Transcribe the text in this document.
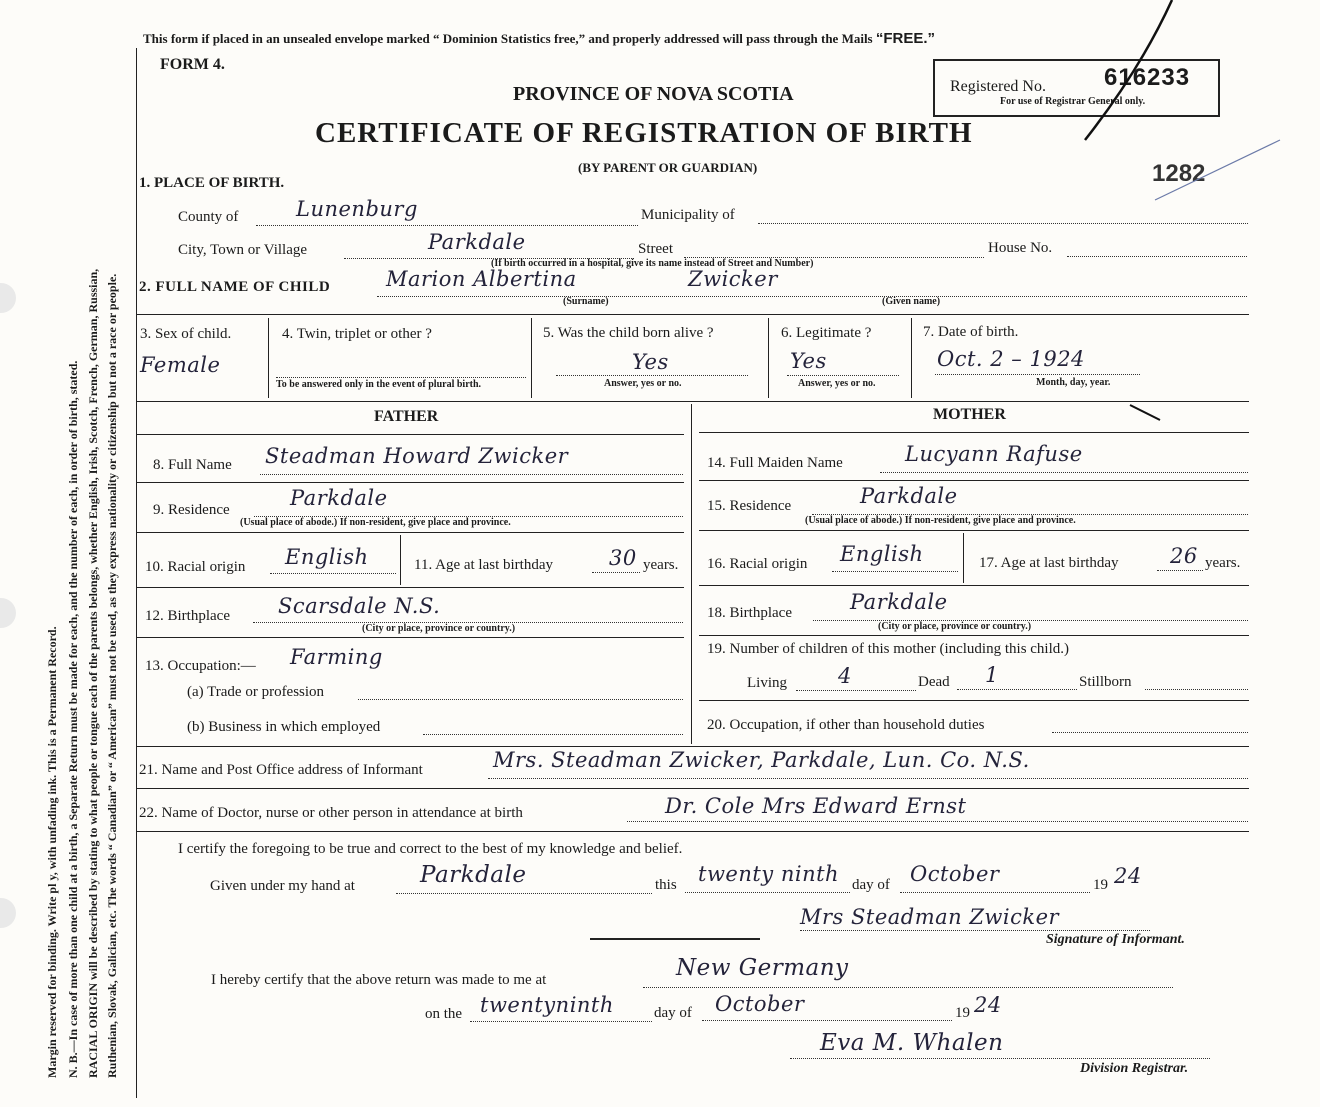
Margin reserved for binding. Write pl y, with unfading ink. This is a Permanent Record. N. B.—In case of more than one child at a birth, a Separate Return must be made for each, and the number of each, in order of birth, stated. RACIAL ORIGIN will be described by stating to what people or tongue each of the parents belongs, whether English, Irish, Scotch, French, German, Russian, Ruthenian, Slovak, Galician, etc. The words “ Canadian” or “ American” must not be used, as they express nationality or citizenship but not a race or people.
This form if placed in an unsealed envelope marked “ Dominion Statistics free,” and properly addressed will pass through the Mails “FREE.”
FORM 4.
PROVINCE OF NOVA SCOTIA
CERTIFICATE OF REGISTRATION OF BIRTH
(BY PARENT OR GUARDIAN)
Registered No. 616233
For use of Registrar General only.
1282
1. PLACE OF BIRTH.
County of	Lunenburg	Municipality of
City, Town or Village	Parkdale	Street	House No.
(If birth occurred in a hospital, give its name instead of Street and Number)
2. FULL NAME OF CHILD	Marion Albertina	Zwicker
(Surname)	(Given name)
3. Sex of child.
Female
4. Twin, triplet or other ?
To be answered only in the event of plural birth.
5. Was the child born alive ?
Yes
Answer, yes or no.
6. Legitimate ?
Yes
Answer, yes or no.
7. Date of birth.
Oct. 2 – 1924
Month, day, year.
FATHER	MOTHER
8. Full Name Steadman Howard Zwicker
9. Residence	Parkdale
(Usual place of abode.) If non-resident, give place and province.
10. Racial origin English	11. Age at last birthday	30 years.
12. Birthplace Scarsdale N.S.
(City or place, province or country.)
13. Occupation:— Farming
(a) Trade or profession
(b) Business in which employed
14. Full Maiden Name	Lucyann Rafuse
15. Residence	Parkdale
(Usual place of abode.) If non-resident, give place and province.
16. Racial origin English	17. Age at last birthday 26 years.
18. Birthplace	Parkdale
(City or place, province or country.)
19. Number of children of this mother (including this child.)
Living 4	Dead 1	Stillborn
20. Occupation, if other than household duties
21. Name and Post Office address of Informant	Mrs. Steadman Zwicker, Parkdale, Lun. Co. N.S.
22. Name of Doctor, nurse or other person in attendance at birth	Dr. Cole Mrs Edward Ernst
I certify the foregoing to be true and correct to the best of my knowledge and belief.
Given under my hand at	Parkdale	this twenty ninth day of October	19 24
Mrs Steadman Zwicker
Signature of Informant.
I hereby certify that the above return was made to me at	New Germany
on the twentyninth	day of October	19 24
Eva M. Whalen
Division Registrar.
